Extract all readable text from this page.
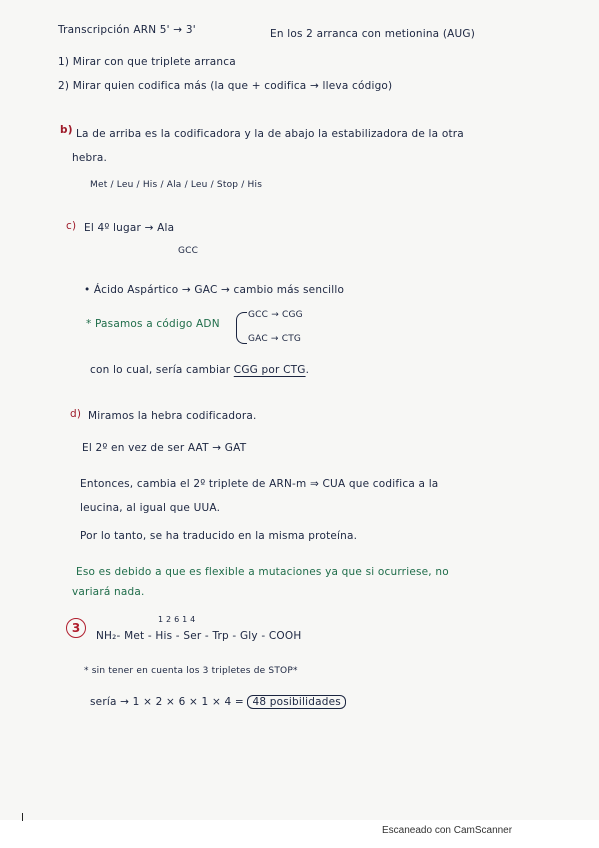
Transcripción ARN 5' → 3'	En los 2 arranca con metionina (AUG)
1) Mirar con que triplete arranca
2) Mirar quien codifica más (la que + codifica → lleva código)
b) La de arriba es la codificadora y la de abajo la estabilizadora de la otra
hebra.
Met / Leu / His / Ala / Leu / Stop / His
c) El 4º lugar → Ala
GCC
• Ácido Aspártico → GAC → cambio más sencillo
* Pasamos a código ADN
GCC → CGG
GAC → CTG
con lo cual, sería cambiar CGG por CTG.
d) Miramos la hebra codificadora.
El 2º en vez de ser AAT → GAT
Entonces, cambia el 2º triplete de ARN-m ⇒ CUA que codifica a la
leucina, al igual que UUA.
Por lo tanto, se ha traducido en la misma proteína.
Eso es debido a que es flexible a mutaciones ya que si ocurriese, no
variará nada.
3
1 2 6 1 4
NH₂- Met - His - Ser - Trp - Gly - COOH
* sin tener en cuenta los 3 tripletes de STOP*
sería → 1 × 2 × 6 × 1 × 4 = 48 posibilidades
Escaneado con CamScanner
